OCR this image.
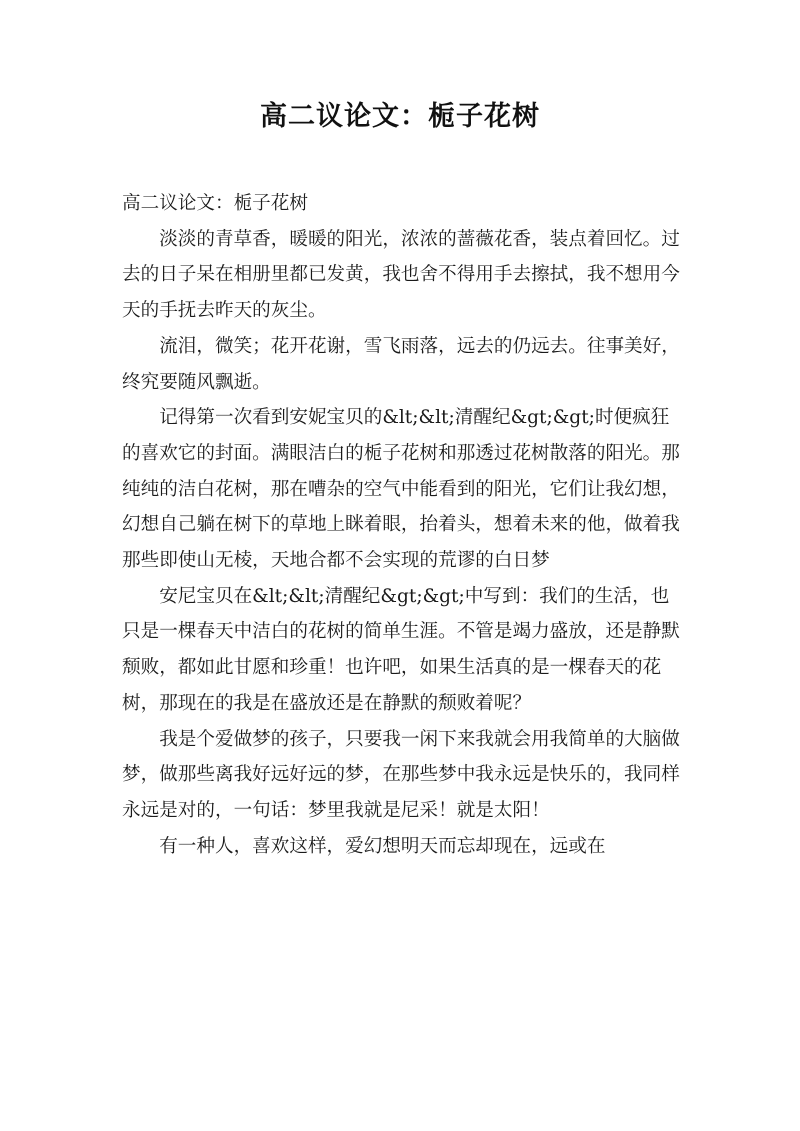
高二议论文：栀子花树

高二议论文：栀子花树

淡淡的青草香，暖暖的阳光，浓浓的蔷薇花香，装点着回忆。过去的日子呆在相册里都已发黄，我也舍不得用手去擦拭，我不想用今天的手抚去昨天的灰尘。

流泪，微笑；花开花谢，雪飞雨落，远去的仍远去。往事美好，终究要随风飘逝。

记得第一次看到安妮宝贝的&lt;&lt;清醒纪&gt;&gt;时便疯狂的喜欢它的封面。满眼洁白的栀子花树和那透过花树散落的阳光。那纯纯的洁白花树，那在嘈杂的空气中能看到的阳光，它们让我幻想，幻想自己躺在树下的草地上眯着眼，抬着头，想着未来的他，做着我那些即使山无棱，天地合都不会实现的荒谬的白日梦

安尼宝贝在&lt;&lt;清醒纪&gt;&gt;中写到：我们的生活，也只是一棵春天中洁白的花树的简单生涯。不管是竭力盛放，还是静默颓败，都如此甘愿和珍重！也许吧，如果生活真的是一棵春天的花树，那现在的我是在盛放还是在静默的颓败着呢？

我是个爱做梦的孩子，只要我一闲下来我就会用我简单的大脑做梦，做那些离我好远好远的梦，在那些梦中我永远是快乐的，我同样永远是对的，一句话：梦里我就是尼采！就是太阳！

有一种人，喜欢这样，爱幻想明天而忘却现在，远或在
